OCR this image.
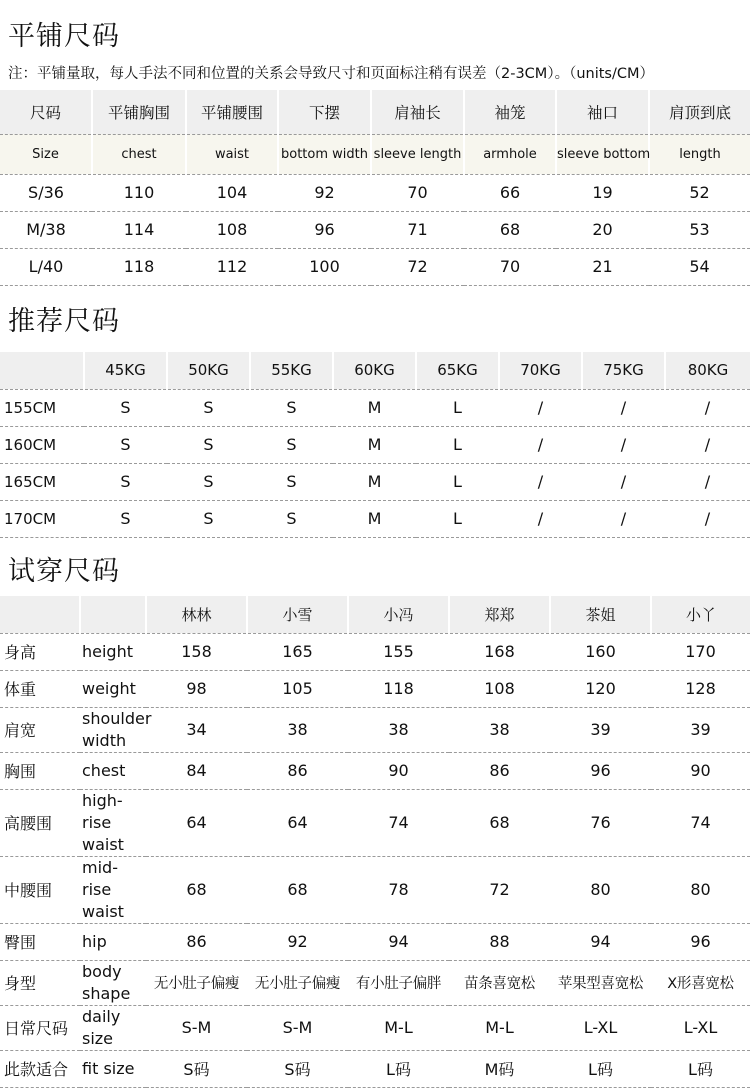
平铺尺码
注：平铺量取，每人手法不同和位置的关系会导致尺寸和页面标注稍有误差（2-3CM）。（units/CM）
尺码	平铺胸围	平铺腰围	下摆	肩袖长	袖笼	袖口	肩顶到底
Size	chest	waist	bottom width	sleeve length	armhole	sleeve bottom	length
S/36	110	104	92	70	66	19	52
M/38	114	108	96	71	68	20	53
L/40	118	112	100	72	70	21	54
推荐尺码
	45KG	50KG	55KG	60KG	65KG	70KG	75KG	80KG
155CM	S	S	S	M	L	/	/	/
160CM	S	S	S	M	L	/	/	/
165CM	S	S	S	M	L	/	/	/
170CM	S	S	S	M	L	/	/	/
试穿尺码
		林林	小雪	小冯	郑郑	茶姐	小丫
身高	height	158	165	155	168	160	170
体重	weight	98	105	118	108	120	128
肩宽	shoulder width	34	38	38	38	39	39
胸围	chest	84	86	90	86	96	90
高腰围	high-rise waist	64	64	74	68	76	74
中腰围	mid-rise waist	68	68	78	72	80	80
臀围	hip	86	92	94	88	94	96
身型	body shape	无小肚子偏瘦	无小肚子偏瘦	有小肚子偏胖	苗条喜宽松	苹果型喜宽松	X形喜宽松
日常尺码	daily size	S-M	S-M	M-L	M-L	L-XL	L-XL
此款适合	fit size	S码	S码	L码	M码	L码	L码
